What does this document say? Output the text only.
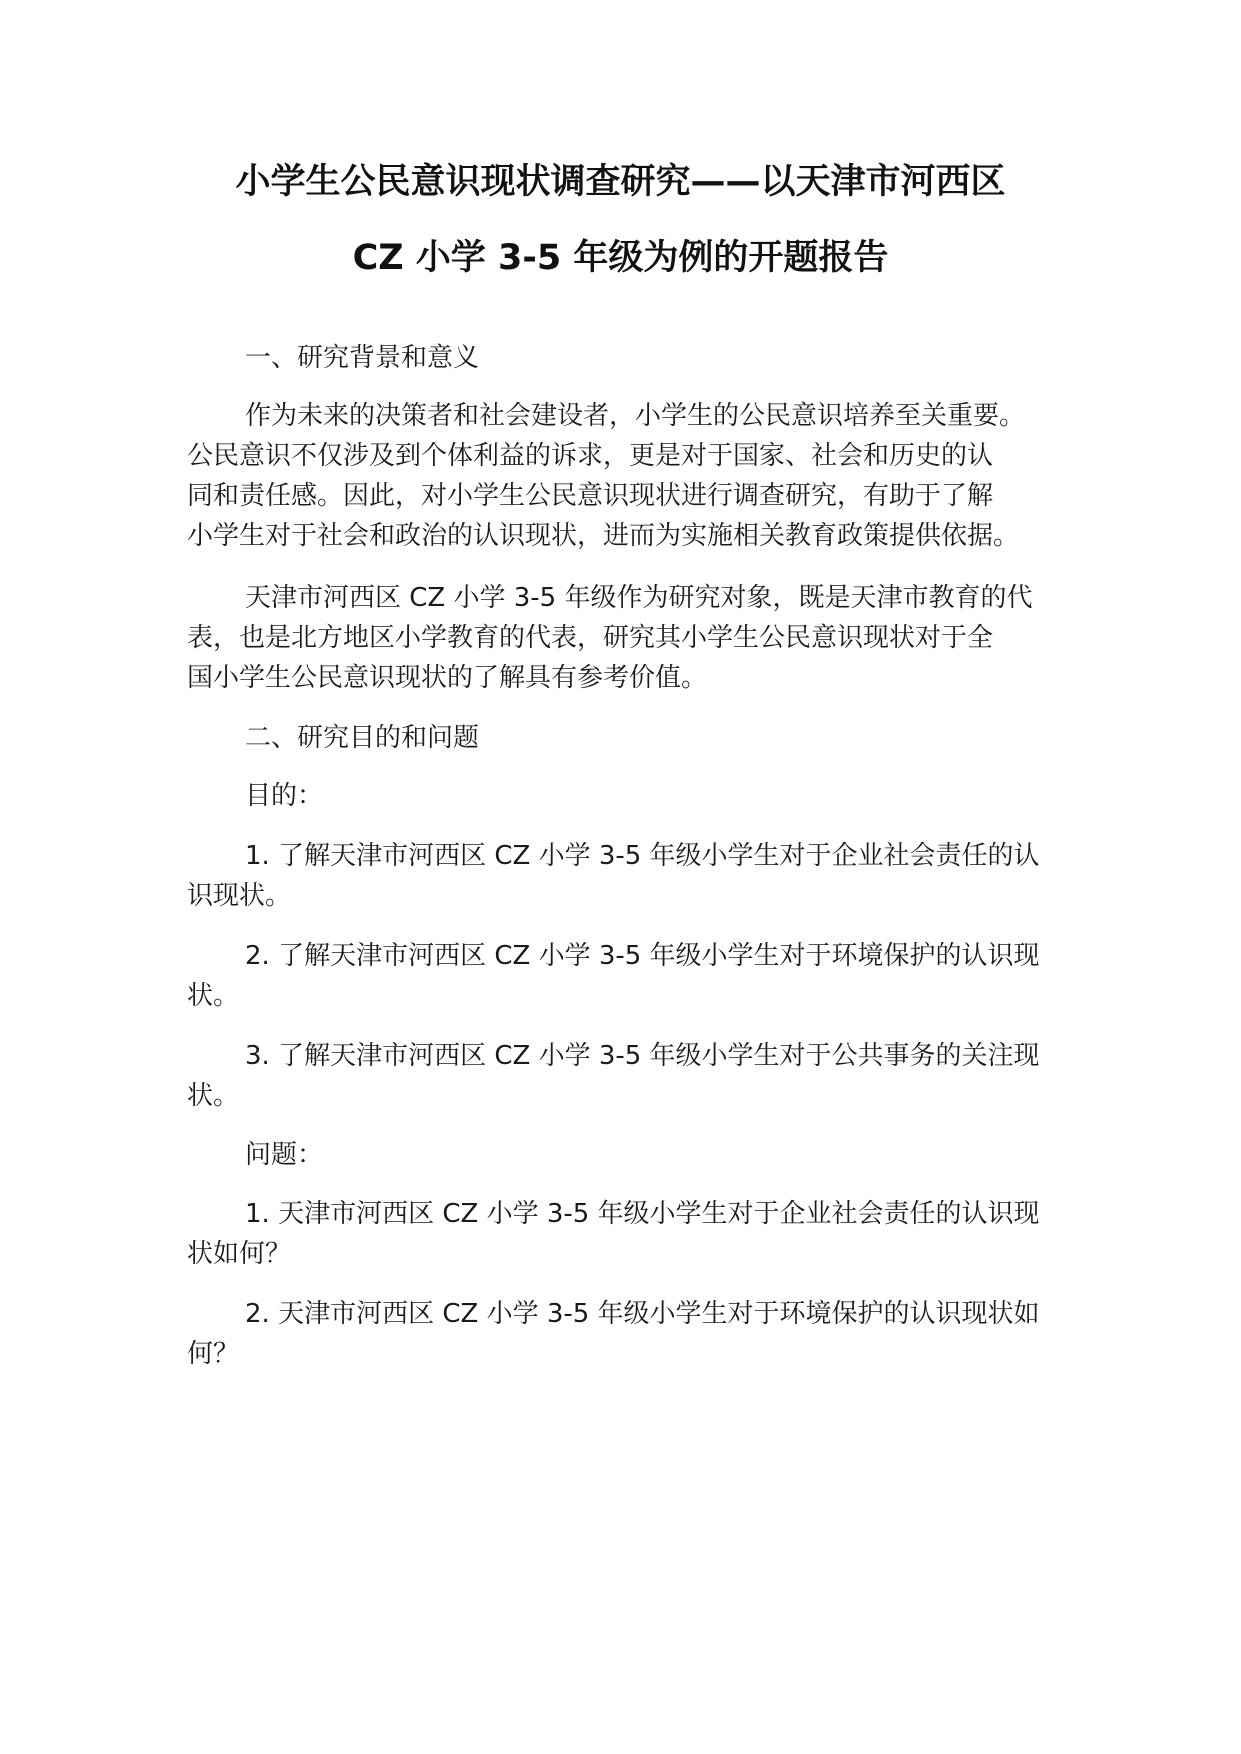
小学生公民意识现状调查研究——以天津市河西区
CZ 小学 3-5 年级为例的开题报告
一、研究背景和意义
作为未来的决策者和社会建设者，小学生的公民意识培养至关重要。
公民意识不仅涉及到个体利益的诉求，更是对于国家、社会和历史的认
同和责任感。因此，对小学生公民意识现状进行调查研究，有助于了解
小学生对于社会和政治的认识现状，进而为实施相关教育政策提供依据。
天津市河西区 CZ 小学 3-5 年级作为研究对象，既是天津市教育的代
表，也是北方地区小学教育的代表，研究其小学生公民意识现状对于全
国小学生公民意识现状的了解具有参考价值。
二、研究目的和问题
目的：
1. 了解天津市河西区 CZ 小学 3-5 年级小学生对于企业社会责任的认
识现状。
2. 了解天津市河西区 CZ 小学 3-5 年级小学生对于环境保护的认识现
状。
3. 了解天津市河西区 CZ 小学 3-5 年级小学生对于公共事务的关注现
状。
问题：
1. 天津市河西区 CZ 小学 3-5 年级小学生对于企业社会责任的认识现
状如何？
2. 天津市河西区 CZ 小学 3-5 年级小学生对于环境保护的认识现状如
何？
